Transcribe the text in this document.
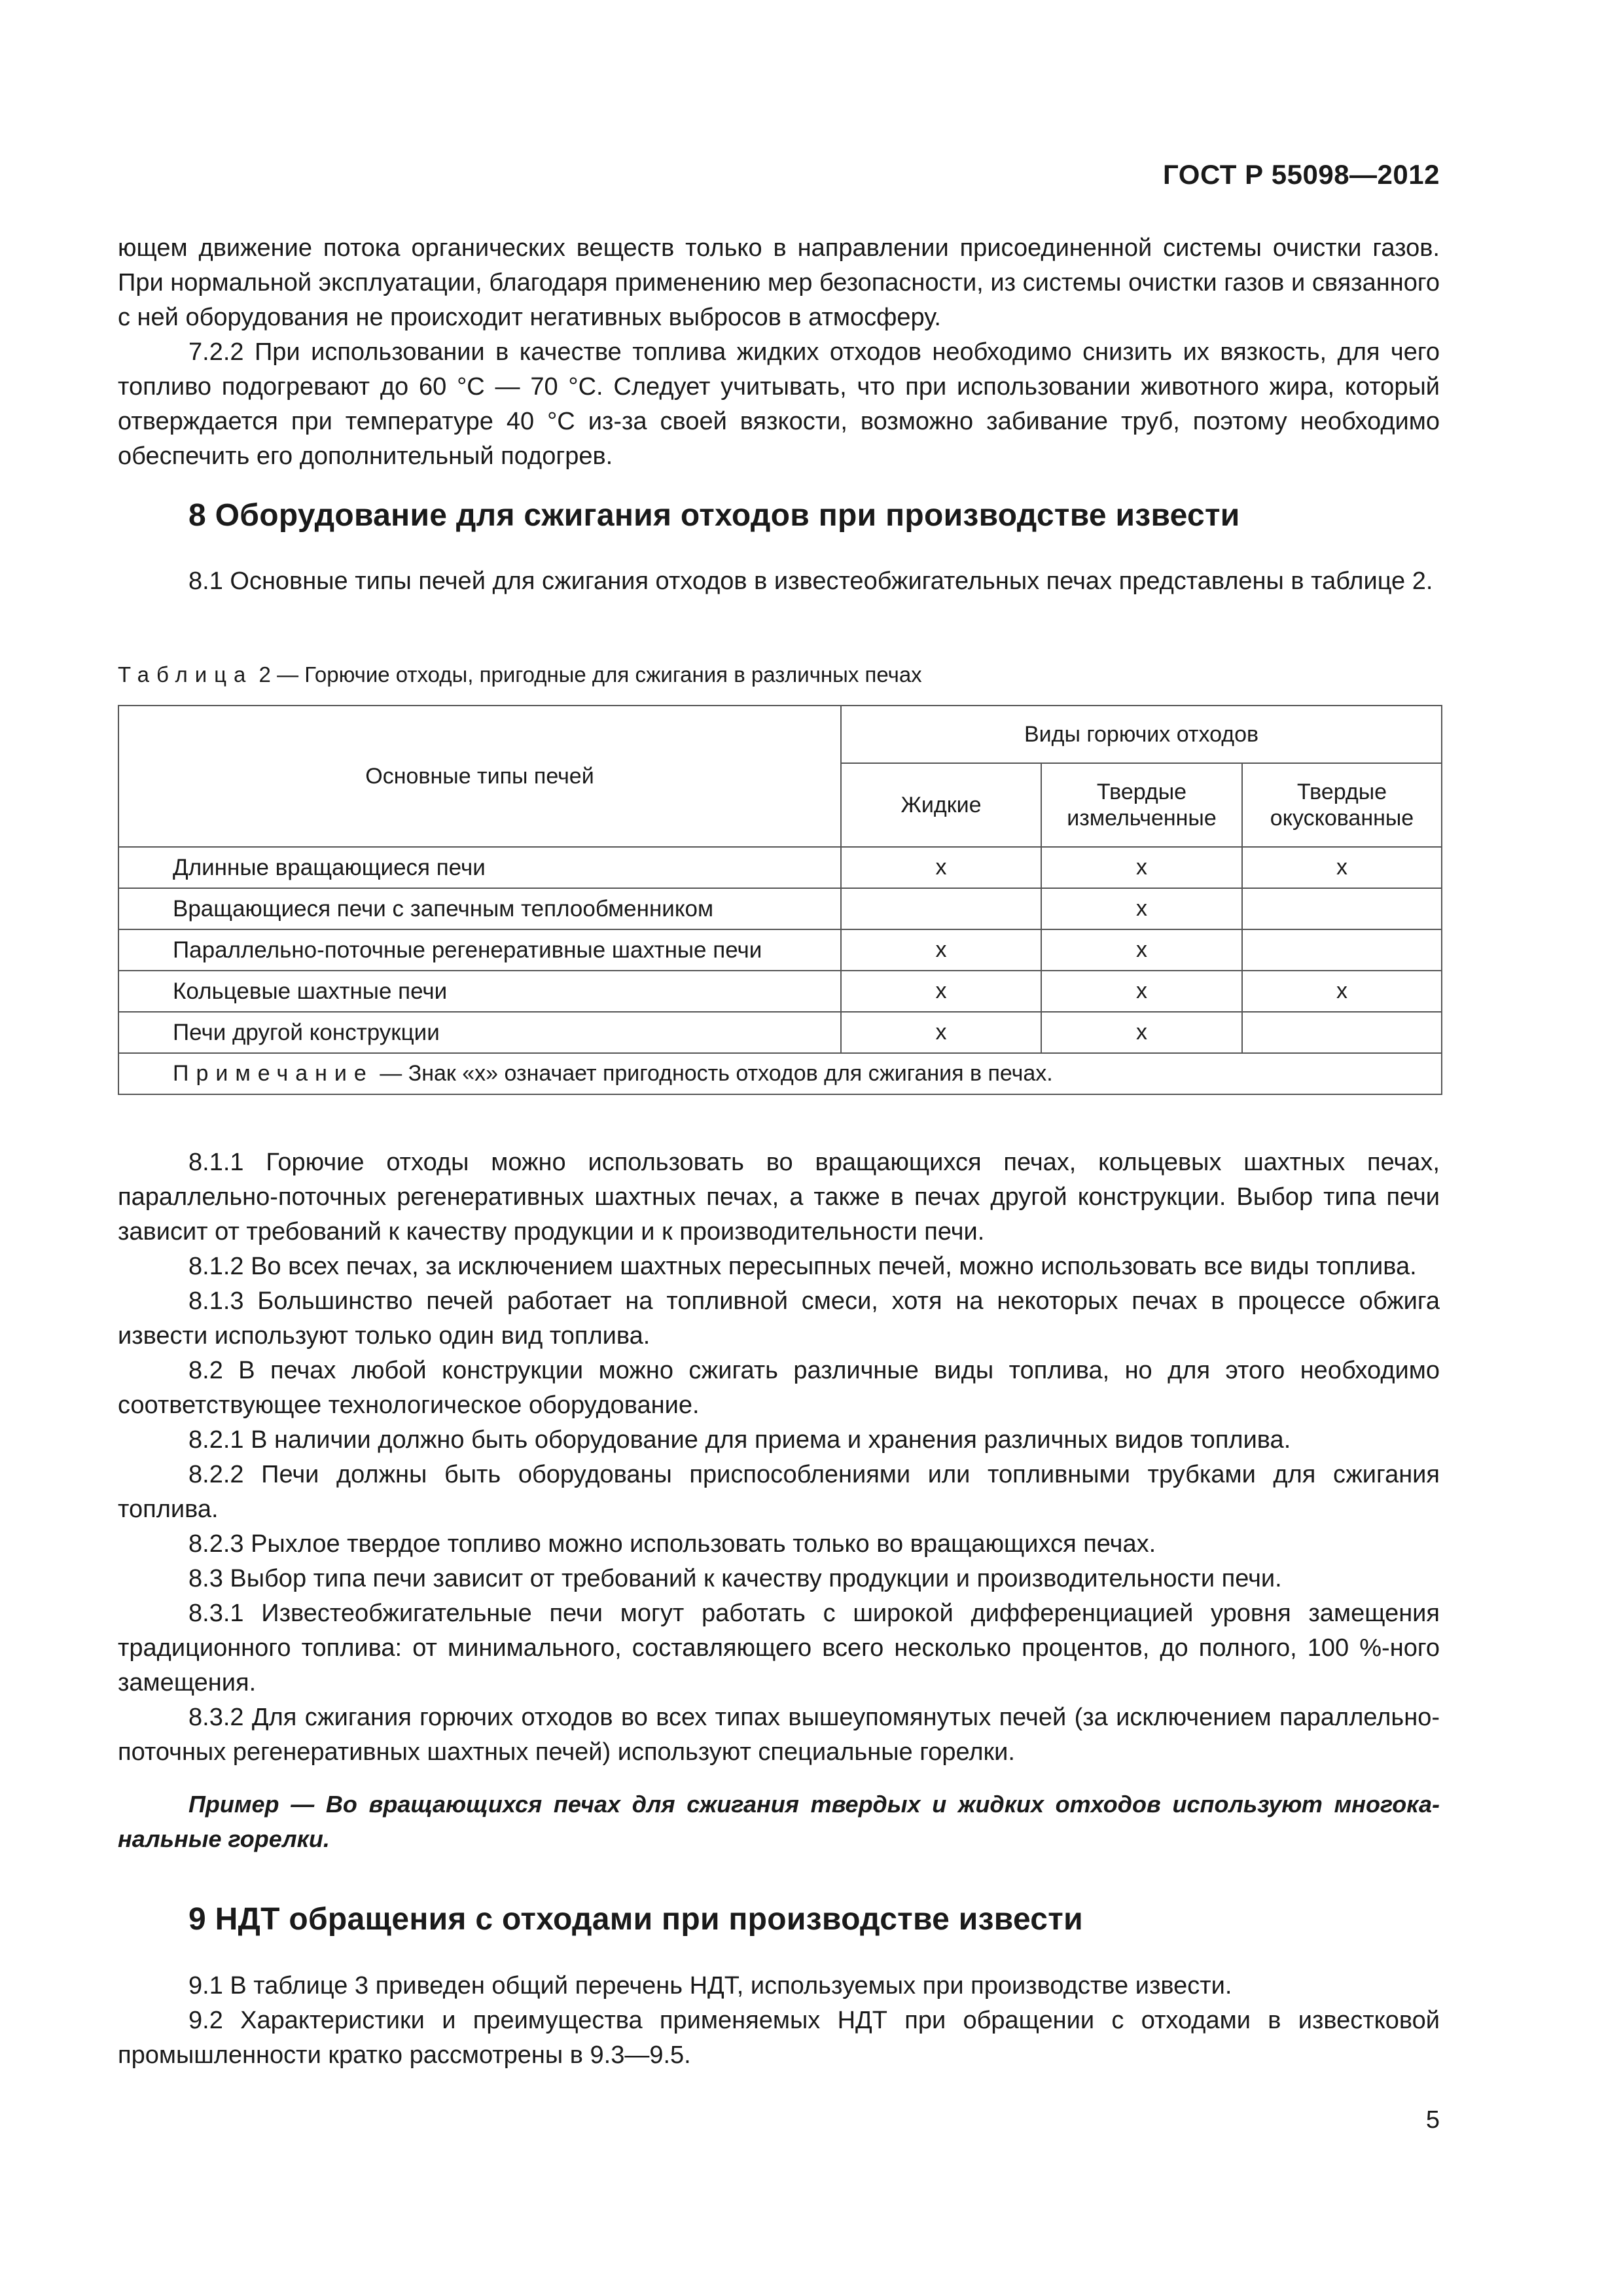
ГОСТ Р 55098—2012

ющем движение потока органических веществ только в направлении присоединенной системы очистки газов. При нормальной эксплуатации, благодаря применению мер безопасности, из системы очистки газов и связанного с ней оборудования не происходит негативных выбросов в атмосферу.

7.2.2 При использовании в качестве топлива жидких отходов необходимо снизить их вязкость, для чего топливо подогревают до 60 °С — 70 °С. Следует учитывать, что при использовании животного жира, который отверждается при температуре 40 °С из-за своей вязкости, возможно забивание труб, поэтому необходимо обеспечить его дополнительный подогрев.

8 Оборудование для сжигания отходов при производстве извести

8.1 Основные типы печей для сжигания отходов в известеобжигательных печах представлены в таблице 2.

Таблица 2 — Горючие отходы, пригодные для сжигания в различных печах
Основные типы печей	Виды горючих отходов		
	Жидкие	Твердые измельченные	Твердые окускованные
Длинные вращающиеся печи	x	x	x
Вращающиеся печи с запечным теплообменником		x	
Параллельно-поточные регенеративные шахтные печи	x	x	
Кольцевые шахтные печи	x	x	x
Печи другой конструкции	x	x	
Примечание — Знак «х» означает пригодность отходов для сжигания в печах.			

8.1.1 Горючие отходы можно использовать во вращающихся печах, кольцевых шахтных печах, параллельно-поточных регенеративных шахтных печах, а также в печах другой конструкции. Выбор типа печи зависит от требований к качеству продукции и к производительности печи.

8.1.2 Во всех печах, за исключением шахтных пересыпных печей, можно использовать все виды топлива.

8.1.3 Большинство печей работает на топливной смеси, хотя на некоторых печах в процессе обжига извести используют только один вид топлива.

8.2 В печах любой конструкции можно сжигать различные виды топлива, но для этого необходимо соответствующее технологическое оборудование.

8.2.1 В наличии должно быть оборудование для приема и хранения различных видов топлива.

8.2.2 Печи должны быть оборудованы приспособлениями или топливными трубками для сжигания топлива.

8.2.3 Рыхлое твердое топливо можно использовать только во вращающихся печах.

8.3 Выбор типа печи зависит от требований к качеству продукции и производительности печи.

8.3.1 Известеобжигательные печи могут работать с широкой дифференциацией уровня замещения традиционного топлива: от минимального, составляющего всего несколько процентов, до полного, 100 %-ного замещения.

8.3.2 Для сжигания горючих отходов во всех типах вышеупомянутых печей (за исключением параллельно-поточных регенеративных шахтных печей) используют специальные горелки.

Пример — Во вращающихся печах для сжигания твердых и жидких отходов используют многоканальные горелки.

9 НДТ обращения с отходами при производстве извести

9.1 В таблице 3 приведен общий перечень НДТ, используемых при производстве извести.

9.2 Характеристики и преимущества применяемых НДТ при обращении с отходами в известковой промышленности кратко рассмотрены в 9.3—9.5.

5
